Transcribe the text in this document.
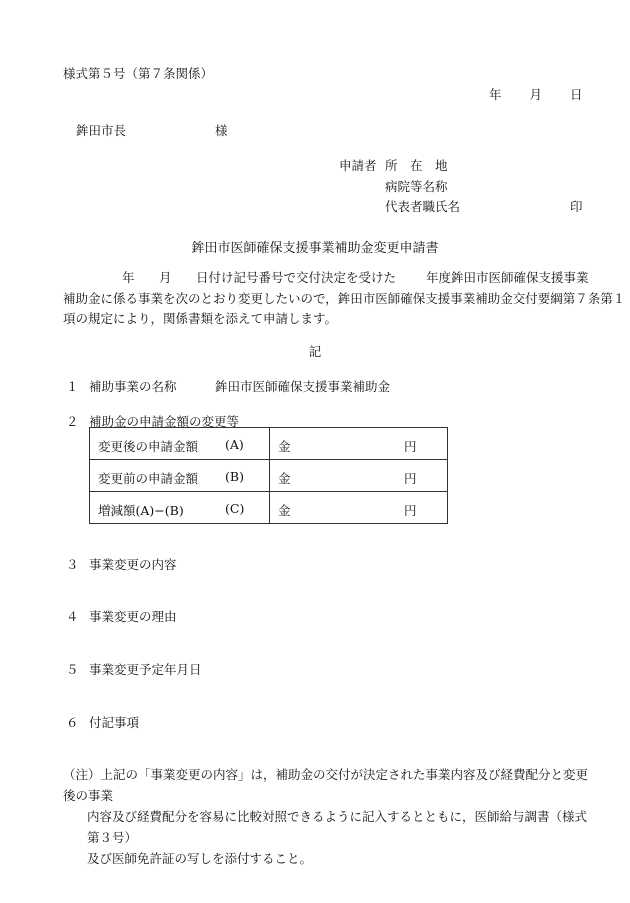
様式第５号（第７条関係）
年 月 日
鉾田市長	様
申請者 所　在　地
病院等名称
代表者職氏名	印
鉾田市医師確保支援事業補助金変更申請書
年 月 日付け記号番号で交付決定を受けた 年度鉾田市医師確保支援事業
補助金に係る事業を次のとおり変更したいので，鉾田市医師確保支援事業補助金交付要綱第７条第１
項の規定により，関係書類を添えて申請します。
記
１ 補助事業の名称	鉾田市医師確保支援事業補助金
２ 補助金の申請金額の変更等
変更後の申請金額 (A)	金 円

変更前の申請金額 (B)	金 円

増減額(A)−(B) (C)	金 円
３ 事業変更の内容
４ 事業変更の理由
５ 事業変更予定年月日
６ 付記事項
（注）上記の「事業変更の内容」は，補助金の交付が決定された事業内容及び経費配分と変更後の事業
内容及び経費配分を容易に比較対照できるように記入するとともに，医師給与調書（様式第３号）
及び医師免許証の写しを添付すること。
